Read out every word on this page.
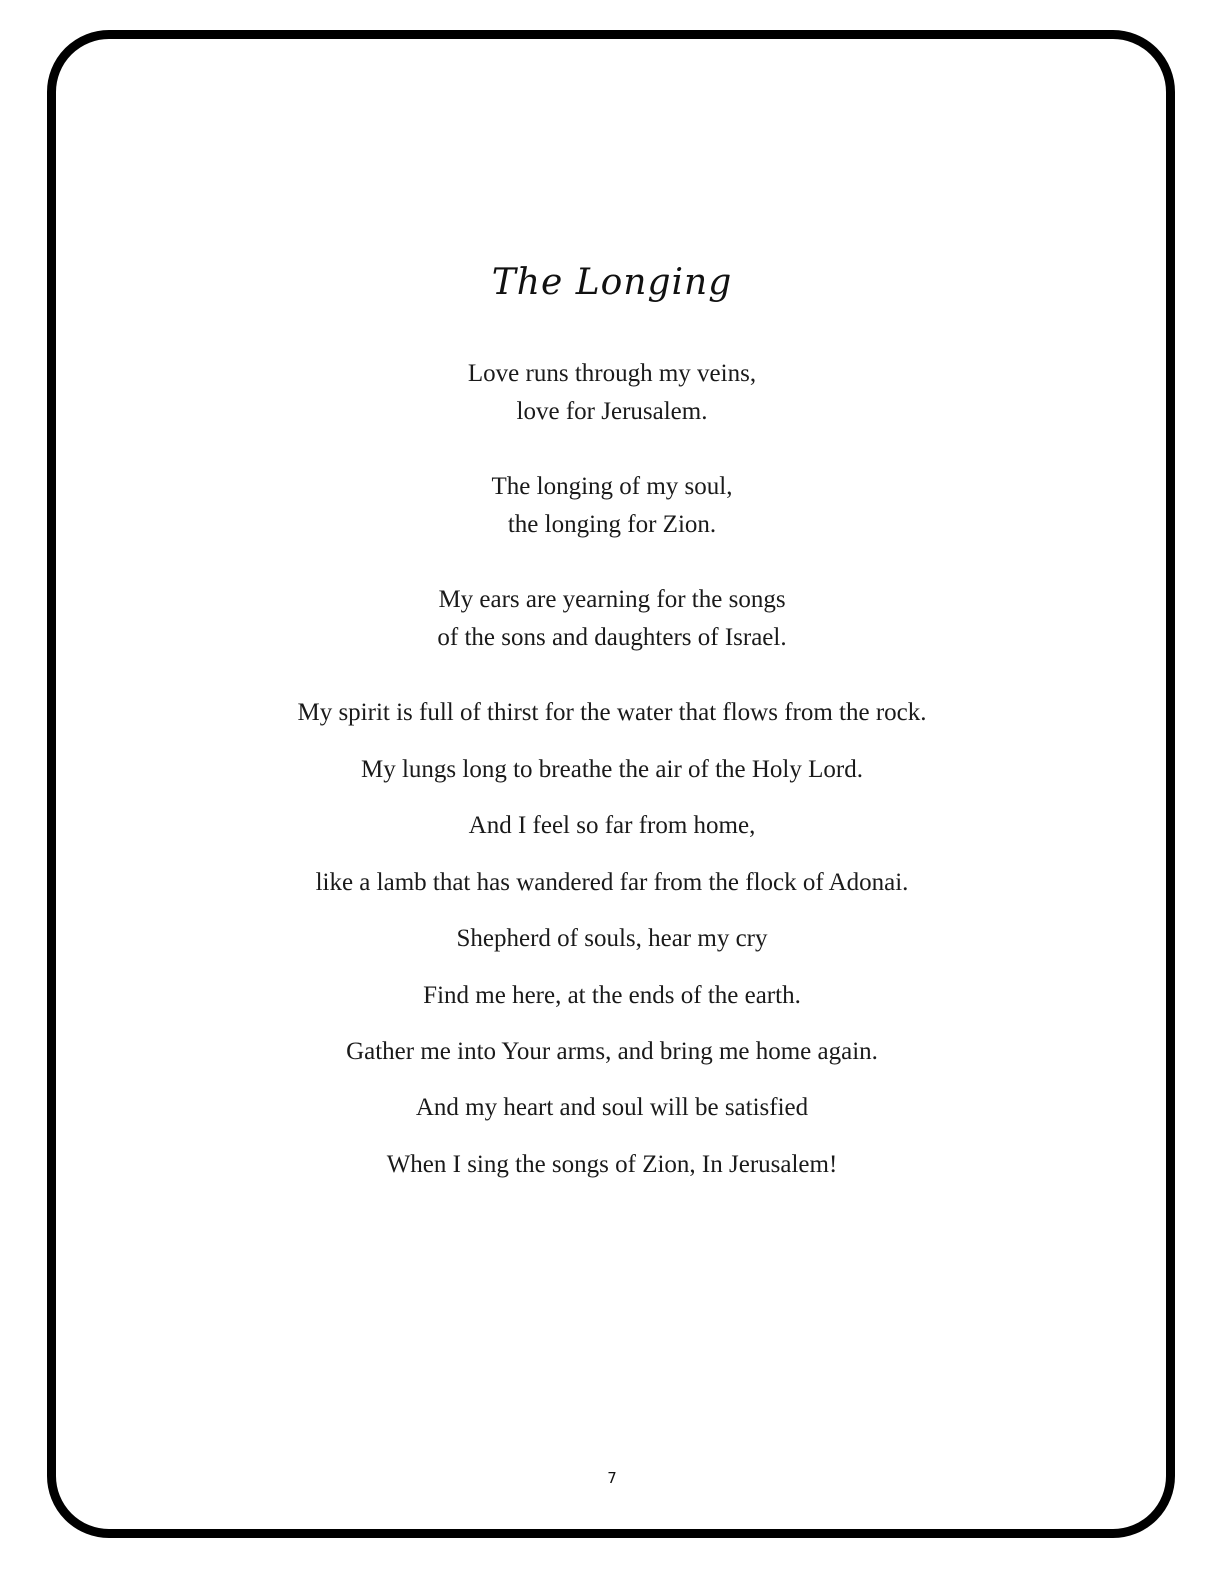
The Longing
Love runs through my veins,
love for Jerusalem.
The longing of my soul,
the longing for Zion.
My ears are yearning for the songs
of the sons and daughters of Israel.
My spirit is full of thirst for the water that flows from the rock.
My lungs long to breathe the air of the Holy Lord.
And I feel so far from home,
like a lamb that has wandered far from the flock of Adonai.
Shepherd of souls, hear my cry
Find me here, at the ends of the earth.
Gather me into Your arms, and bring me home again.
And my heart and soul will be satisfied
When I sing the songs of Zion, In Jerusalem!
7
